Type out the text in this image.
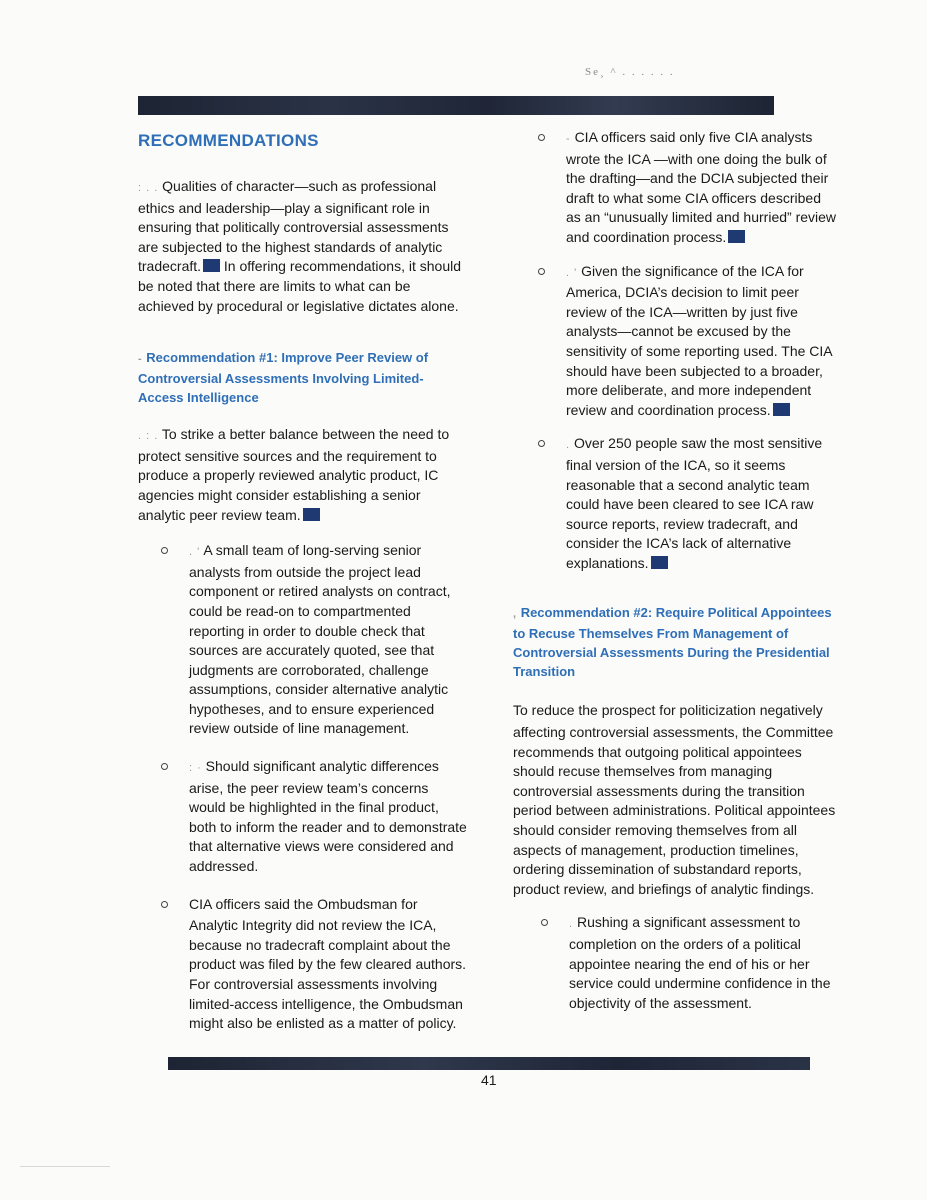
Se¸ ^ . . . . . .
RECOMMENDATIONS

: . . Qualities of character—such as professional ethics and leadership—play a significant role in ensuring that politically controversial assessments are subjected to the highest standards of analytic tradecraft. In offering recommendations, it should be noted that there are limits to what can be achieved by procedural or legislative dictates alone.

- Recommendation #1: Improve Peer Review of Controversial Assessments Involving Limited-Access Intelligence

. : . To strike a better balance between the need to protect sensitive sources and the requirement to produce a properly reviewed analytic product, IC agencies might consider establishing a senior analytic peer review team.

. ' A small team of long-serving senior analysts from outside the project lead component or retired analysts on contract, could be read-on to compartmented reporting in order to double check that sources are accurately quoted, see that judgments are corroborated, challenge assumptions, consider alternative analytic hypotheses, and to ensure experienced review outside of line management.

: · Should significant analytic differences arise, the peer review team’s concerns would be highlighted in the final product, both to inform the reader and to demonstrate that alternative views were considered and addressed.

CIA officers said the Ombudsman for Analytic Integrity did not review the ICA, because no tradecraft complaint about the product was filed by the few cleared authors. For controversial assessments involving limited-access intelligence, the Ombudsman might also be enlisted as a matter of policy.

- CIA officers said only five CIA analysts wrote the ICA —with one doing the bulk of the drafting—and the DCIA subjected their draft to what some CIA officers described as an “unusually limited and hurried” review and coordination process.

. ' Given the significance of the ICA for America, DCIA’s decision to limit peer review of the ICA—written by just five analysts—cannot be excused by the sensitivity of some reporting used. The CIA should have been subjected to a broader, more deliberate, and more independent review and coordination process.

. Over 250 people saw the most sensitive final version of the ICA, so it seems reasonable that a second analytic team could have been cleared to see ICA raw source reports, review tradecraft, and consider the ICA’s lack of alternative explanations.

, Recommendation #2: Require Political Appointees to Recuse Themselves From Management of Controversial Assessments During the Presidential Transition

To reduce the prospect for politicization negatively affecting controversial assessments, the Committee recommends that outgoing political appointees should recuse themselves from managing controversial assessments during the transition period between administrations. Political appointees should consider removing themselves from all aspects of management, production timelines, ordering dissemination of substandard reports, product review, and briefings of analytic findings.

. Rushing a significant assessment to completion on the orders of a political appointee nearing the end of his or her service could undermine confidence in the objectivity of the assessment.

41
